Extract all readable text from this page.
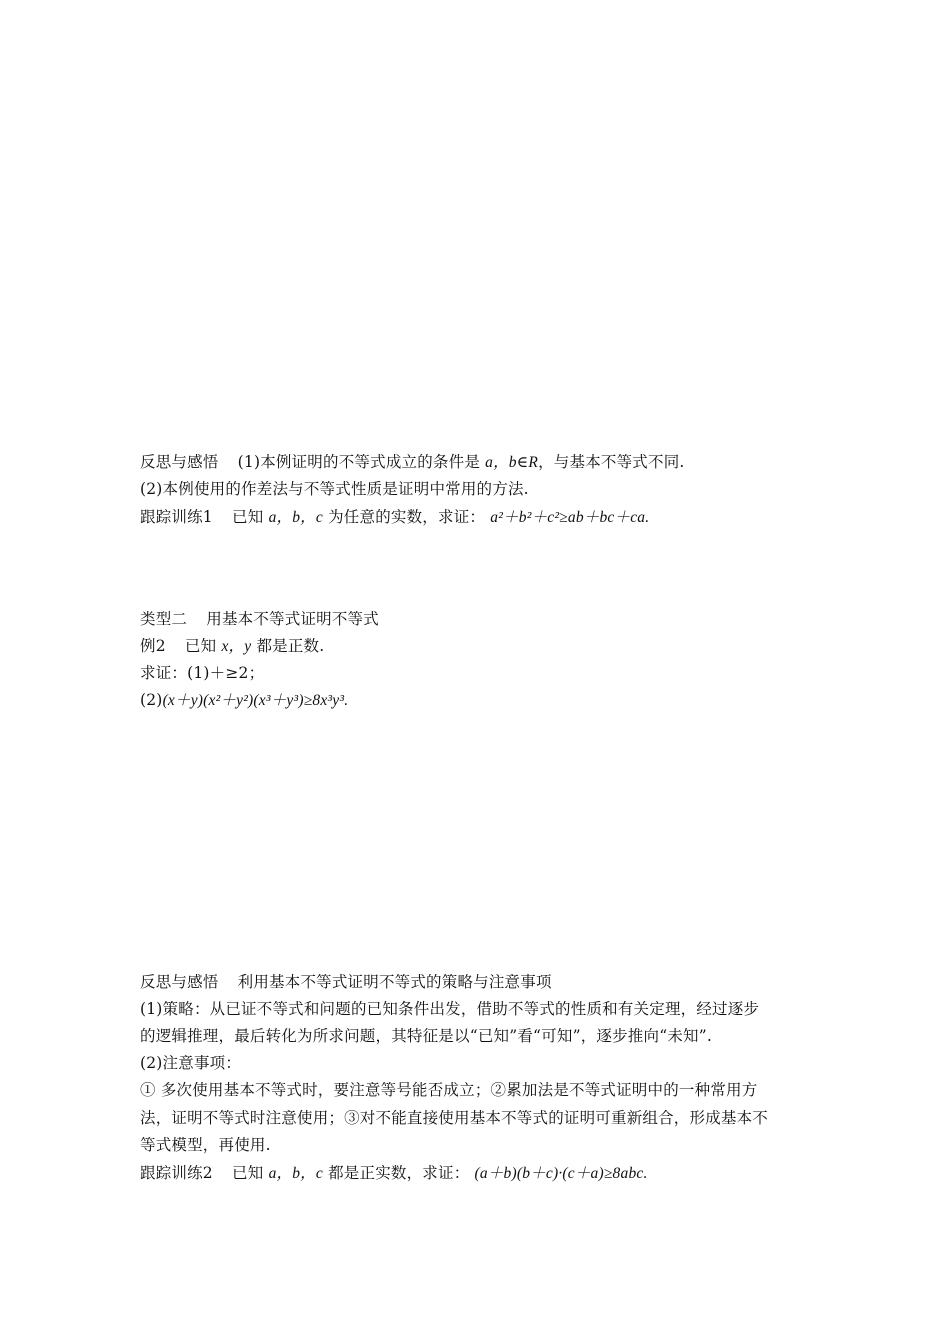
反思与感悟 (1)本例证明的不等式成立的条件是 a，b∈R，与基本不等式不同.
(2)本例使用的作差法与不等式性质是证明中常用的方法.
跟踪训练1 已知 a，b，c 为任意的实数，求证： a²＋b²＋c²≥ab＋bc＋ca.
类型二 用基本不等式证明不等式
例2 已知 x，y 都是正数.
求证：(1)＋≥2；
(2)(x＋y)(x²＋y²)(x³＋y³)≥8x³y³.
反思与感悟 利用基本不等式证明不等式的策略与注意事项
(1)策略：从已证不等式和问题的已知条件出发，借助不等式的性质和有关定理，经过逐步
的逻辑推理，最后转化为所求问题，其特征是以“已知”看“可知”，逐步推向“未知”.
(2)注意事项：
① 多次使用基本不等式时，要注意等号能否成立；②累加法是不等式证明中的一种常用方
法，证明不等式时注意使用；③对不能直接使用基本不等式的证明可重新组合，形成基本不
等式模型，再使用.
跟踪训练2 已知 a，b，c 都是正实数，求证： (a＋b)(b＋c)·(c＋a)≥8abc.
